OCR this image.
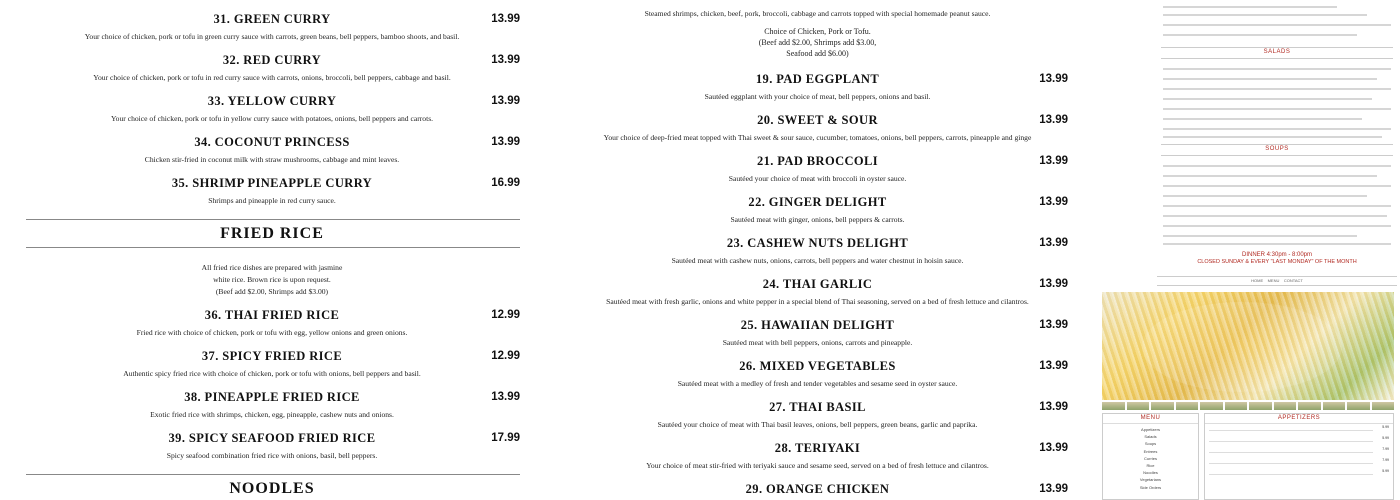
31. GREEN CURRY	13.99
Your choice of chicken, pork or tofu in green curry sauce with carrots, green beans, bell peppers, bamboo shoots, and basil.
32. RED CURRY	13.99
Your choice of chicken, pork or tofu in red curry sauce with carrots, onions, broccoli, bell peppers, cabbage and basil.
33. YELLOW CURRY	13.99
Your choice of chicken, pork or tofu in yellow curry sauce with potatoes, onions, bell peppers and carrots.
34. COCONUT PRINCESS	13.99
Chicken stir-fried in coconut milk with straw mushrooms, cabbage and mint leaves.
35. SHRIMP PINEAPPLE CURRY	16.99
Shrimps and pineapple in red curry sauce.
FRIED RICE
All fried rice dishes are prepared with jasmine
white rice. Brown rice is upon request.
(Beef add $2.00, Shrimps add $3.00)
36. THAI FRIED RICE	12.99
Fried rice with choice of chicken, pork or tofu with egg, yellow onions and green onions.
37. SPICY FRIED RICE	12.99
Authentic spicy fried rice with choice of chicken, pork or tofu with onions, bell peppers and basil.
38. PINEAPPLE FRIED RICE	13.99
Exotic fried rice with shrimps, chicken, egg, pineapple, cashew nuts and onions.
39. SPICY SEAFOOD FRIED RICE	17.99
Spicy seafood combination fried rice with onions, basil, bell peppers.
NOODLES
Steamed shrimps, chicken, beef, pork, broccoli, cabbage and carrots topped with special homemade peanut sauce.
Choice of Chicken, Pork or Tofu.
(Beef add $2.00, Shrimps add $3.00,
Seafood add $6.00)
19. PAD EGGPLANT	13.99
Sautéed eggplant with your choice of meat, bell peppers, onions and basil.
20. SWEET & SOUR	13.99
Your choice of deep-fried meat topped with Thai sweet & sour sauce, cucumber, tomatoes, onions, bell peppers, carrots, pineapple and ginge
21. PAD BROCCOLI	13.99
Sautéed your choice of meat with broccoli in oyster sauce.
22. GINGER DELIGHT	13.99
Sautéed meat with ginger, onions, bell peppers & carrots.
23. CASHEW NUTS DELIGHT	13.99
Sautéed meat with cashew nuts, onions, carrots, bell peppers and water chestnut in hoisin sauce.
24. THAI GARLIC	13.99
Sautéed meat with fresh garlic, onions and white pepper in a special blend of Thai seasoning, served on a bed of fresh lettuce and cilantros.
25. HAWAIIAN DELIGHT	13.99
Sautéed meat with bell peppers, onions, carrots and pineapple.
26. MIXED VEGETABLES	13.99
Sautéed meat with a medley of fresh and tender vegetables and sesame seed in oyster sauce.
27. THAI BASIL	13.99
Sautéed your choice of meat with Thai basil leaves, onions, bell peppers, green beans, garlic and paprika.
28. TERIYAKI	13.99
Your choice of meat stir-fried with teriyaki sauce and sesame seed, served on a bed of fresh lettuce and cilantros.
29. ORANGE CHICKEN	13.99
SALADS
SOUPS
DINNER 4:30pm - 8:00pm
CLOSED SUNDAY & EVERY "LAST MONDAY" OF THE MONTH
HOME MENU CONTACT
MENU
Appetizers
Salads
Soups
Entrees
Curries
Rice
Noodles
Vegetarians
Side Orders
APPETIZERS
5.99
5.99
7.99
7.99
5.99
